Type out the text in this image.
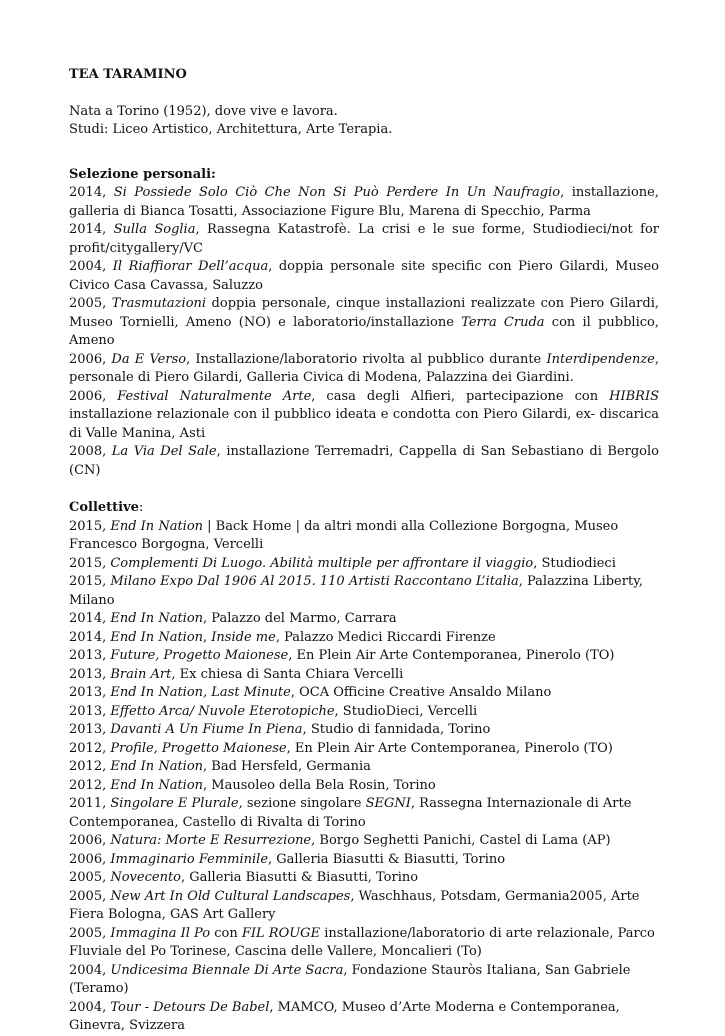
TEA TARAMINO

Nata a Torino (1952), dove vive e lavora.

Studi: Liceo Artistico, Architettura, Arte Terapia.

Selezione personali:

2014, Si Possiede Solo Ciò Che Non Si Può Perdere In Un Naufragio, installazione, galleria di Bianca Tosatti, Associazione Figure Blu, Marena di Specchio, Parma

2014, Sulla Soglia, Rassegna Katastrofè. La crisi e le sue forme, Studiodieci/not for profit/citygallery/VC

2004, Il Riaffiorar Dell’acqua, doppia personale site specific con Piero Gilardi, Museo Civico Casa Cavassa, Saluzzo

2005, Trasmutazioni doppia personale, cinque installazioni realizzate con Piero Gilardi, Museo Tornielli, Ameno (NO) e laboratorio/installazione Terra Cruda con il pubblico, Ameno

2006, Da E Verso, Installazione/laboratorio rivolta al pubblico durante Interdipendenze, personale di Piero Gilardi, Galleria Civica di Modena, Palazzina dei Giardini.

2006, Festival Naturalmente Arte, casa degli Alfieri, partecipazione con HIBRIS installazione relazionale con il pubblico ideata e condotta con Piero Gilardi, ex- discarica di Valle Manina, Asti

2008, La Via Del Sale, installazione Terremadri, Cappella di San Sebastiano di Bergolo (CN)

Collettive:

2015, End In Nation | Back Home | da altri mondi alla Collezione Borgogna, Museo Francesco Borgogna, Vercelli

2015, Complementi Di Luogo. Abilità multiple per affrontare il viaggio, Studiodieci

2015, Milano Expo Dal 1906 Al 2015. 110 Artisti Raccontano L’italia, Palazzina Liberty, Milano

2014, End In Nation, Palazzo del Marmo, Carrara

2014, End In Nation, Inside me, Palazzo Medici Riccardi Firenze

2013, Future, Progetto Maionese, En Plein Air Arte Contemporanea, Pinerolo (TO)

2013, Brain Art, Ex chiesa di Santa Chiara Vercelli

2013, End In Nation, Last Minute, OCA Officine Creative Ansaldo Milano

2013, Effetto Arca/ Nuvole Eterotopiche, StudioDieci, Vercelli

2013, Davanti A Un Fiume In Piena, Studio di fannidada, Torino

2012, Profile, Progetto Maionese, En Plein Air Arte Contemporanea, Pinerolo (TO)

2012, End In Nation, Bad Hersfeld, Germania

2012, End In Nation, Mausoleo della Bela Rosin, Torino

2011, Singolare E Plurale, sezione singolare SEGNI, Rassegna Internazionale di Arte Contemporanea, Castello di Rivalta di Torino

2006, Natura: Morte E Resurrezione, Borgo Seghetti Panichi, Castel di Lama (AP)

2006, Immaginario Femminile, Galleria Biasutti & Biasutti, Torino

2005, Novecento, Galleria Biasutti & Biasutti, Torino

2005, New Art In Old Cultural Landscapes, Waschhaus, Potsdam, Germania2005, Arte Fiera Bologna, GAS Art Gallery

2005, Immagina Il Po con FIL ROUGE installazione/laboratorio di arte relazionale, Parco Fluviale del Po Torinese, Cascina delle Vallere, Moncalieri (To)

2004, Undicesima Biennale Di Arte Sacra, Fondazione Stauròs Italiana, San Gabriele (Teramo)

2004, Tour - Detours De Babel, MAMCO, Museo d’Arte Moderna e Contemporanea, Ginevra, Svizzera
